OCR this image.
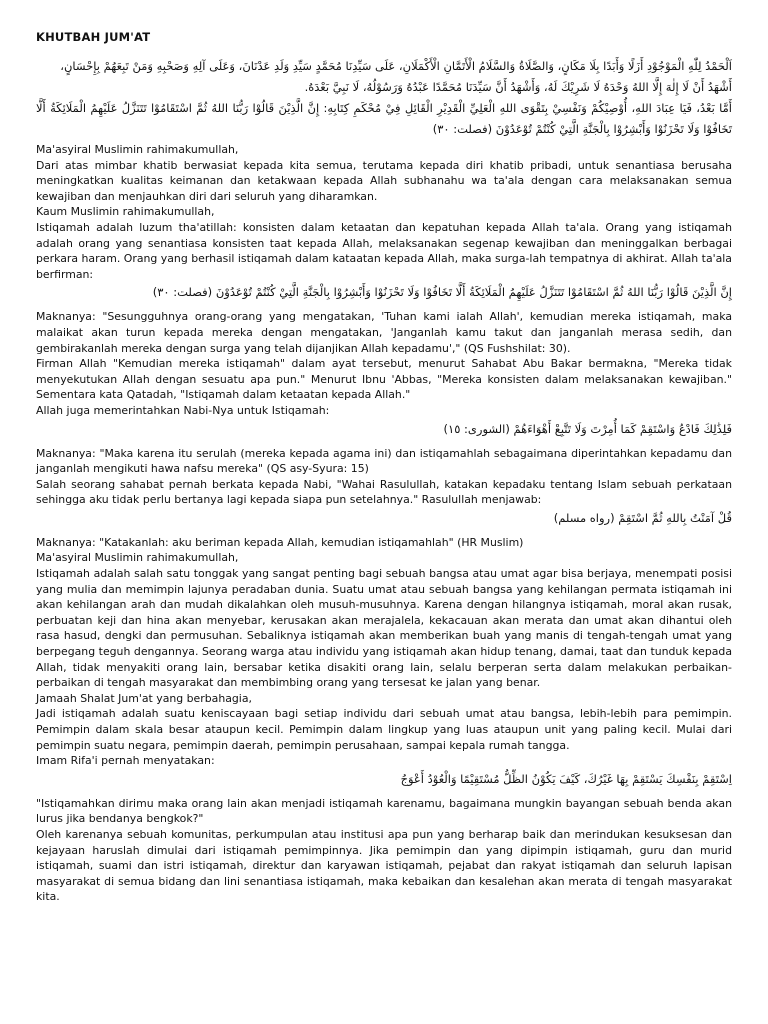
KHUTBAH JUM'AT

اَلْحَمْدُ لِلّٰهِ الْمَوْجُوْدِ أَزَلًا وَأَبَدًا بِلَا مَكَانٍ، وَالصَّلَاةُ وَالسَّلَامُ الْأَتَمَّانِ الْأَكْمَلَانِ، عَلَى سَيِّدِنَا مُحَمَّدٍ سَيِّدِ وَلَدِ عَدْنَانَ، وَعَلَى آلِهِ وَصَحْبِهِ وَمَنْ تَبِعَهُمْ بِإِحْسَانٍ،

أَشْهَدُ أَنْ لَا إِلٰهَ إِلَّا اللهُ وَحْدَهُ لَا شَرِيْكَ لَهُ، وَأَشْهَدُ أَنَّ سَيِّدَنَا مُحَمَّدًا عَبْدُهُ وَرَسُوْلُهُ، لَا نَبِيَّ بَعْدَهُ.

أَمَّا بَعْدُ، فَيَا عِبَادَ اللهِ، أُوْصِيْكُمْ وَنَفْسِيْ بِتَقْوَى اللهِ الْعَلِيِّ الْقَدِيْرِ الْقَائِلِ فِيْ مُحْكَمِ كِتَابِهِ: إِنَّ الَّذِيْنَ قَالُوْا رَبُّنَا اللهُ ثُمَّ اسْتَقَامُوْا تَتَنَزَّلُ عَلَيْهِمُ الْمَلَائِكَةُ أَلَّا تَخَافُوْا وَلَا تَحْزَنُوْا وَأَبْشِرُوْا بِالْجَنَّةِ الَّتِيْ كُنْتُمْ تُوْعَدُوْنَ (فصلت: ٣٠)

Ma'asyiral Muslimin rahimakumullah,

Dari atas mimbar khatib berwasiat kepada kita semua, terutama kepada diri khatib pribadi, untuk senantiasa berusaha meningkatkan kualitas keimanan dan ketakwaan kepada Allah subhanahu wa ta'ala dengan cara melaksanakan semua kewajiban dan menjauhkan diri dari seluruh yang diharamkan.

Kaum Muslimin rahimakumullah,

Istiqamah adalah luzum tha'atillah: konsisten dalam ketaatan dan kepatuhan kepada Allah ta'ala. Orang yang istiqamah adalah orang yang senantiasa konsisten taat kepada Allah, melaksanakan segenap kewajiban dan meninggalkan berbagai perkara haram. Orang yang berhasil istiqamah dalam kataatan kepada Allah, maka surga-lah tempatnya di akhirat. Allah ta'ala berfirman:

إِنَّ الَّذِيْنَ قَالُوْا رَبُّنَا اللهُ ثُمَّ اسْتَقَامُوْا تَتَنَزَّلُ عَلَيْهِمُ الْمَلَائِكَةُ أَلَّا تَخَافُوْا وَلَا تَحْزَنُوْا وَأَبْشِرُوْا بِالْجَنَّةِ الَّتِيْ كُنْتُمْ تُوْعَدُوْنَ (فصلت: ٣٠)

Maknanya: "Sesungguhnya orang-orang yang mengatakan, 'Tuhan kami ialah Allah', kemudian mereka istiqamah, maka malaikat akan turun kepada mereka dengan mengatakan, 'Janganlah kamu takut dan janganlah merasa sedih, dan gembirakanlah mereka dengan surga yang telah dijanjikan Allah kepadamu'," (QS Fushshilat: 30).

Firman Allah "Kemudian mereka istiqamah" dalam ayat tersebut, menurut Sahabat Abu Bakar bermakna, "Mereka tidak menyekutukan Allah dengan sesuatu apa pun." Menurut Ibnu 'Abbas, "Mereka konsisten dalam melaksanakan kewajiban." Sementara kata Qatadah, "Istiqamah dalam ketaatan kepada Allah."

Allah juga memerintahkan Nabi-Nya untuk Istiqamah:

فَلِذَٰلِكَ فَادْعُ وَاسْتَقِمْ كَمَا أُمِرْتَ وَلَا تَتَّبِعْ أَهْوَاءَهُمْ (الشورى: ١٥)

Maknanya: "Maka karena itu serulah (mereka kepada agama ini) dan istiqamahlah sebagaimana diperintahkan kepadamu dan janganlah mengikuti hawa nafsu mereka" (QS asy-Syura: 15)

Salah seorang sahabat pernah berkata kepada Nabi, "Wahai Rasulullah, katakan kepadaku tentang Islam sebuah perkataan sehingga aku tidak perlu bertanya lagi kepada siapa pun setelahnya." Rasulullah menjawab:

قُلْ آمَنْتُ بِاللهِ ثُمَّ اسْتَقِمْ (رواه مسلم)

Maknanya: "Katakanlah: aku beriman kepada Allah, kemudian istiqamahlah" (HR Muslim)

Ma'asyiral Muslimin rahimakumullah,

Istiqamah adalah salah satu tonggak yang sangat penting bagi sebuah bangsa atau umat agar bisa berjaya, menempati posisi yang mulia dan memimpin lajunya peradaban dunia. Suatu umat atau sebuah bangsa yang kehilangan permata istiqamah ini akan kehilangan arah dan mudah dikalahkan oleh musuh-musuhnya. Karena dengan hilangnya istiqamah, moral akan rusak, perbuatan keji dan hina akan menyebar, kerusakan akan merajalela, kekacauan akan merata dan umat akan dihantui oleh rasa hasud, dengki dan permusuhan. Sebaliknya istiqamah akan memberikan buah yang manis di tengah-tengah umat yang berpegang teguh dengannya. Seorang warga atau individu yang istiqamah akan hidup tenang, damai, taat dan tunduk kepada Allah, tidak menyakiti orang lain, bersabar ketika disakiti orang lain, selalu berperan serta dalam melakukan perbaikan-perbaikan di tengah masyarakat dan membimbing orang yang tersesat ke jalan yang benar.

Jamaah Shalat Jum'at yang berbahagia,

Jadi istiqamah adalah suatu keniscayaan bagi setiap individu dari sebuah umat atau bangsa, lebih-lebih para pemimpin. Pemimpin dalam skala besar ataupun kecil. Pemimpin dalam lingkup yang luas ataupun unit yang paling kecil. Mulai dari pemimpin suatu negara, pemimpin daerah, pemimpin perusahaan, sampai kepala rumah tangga.

Imam Rifa'i pernah menyatakan:

اِسْتَقِمْ بِنَفْسِكَ يَسْتَقِمْ بِهَا غَيْرُكَ، كَيْفَ يَكُوْنُ الظِّلُّ مُسْتَقِيْمًا وَالْعُوْدُ أَعْوَجُ

"Istiqamahkan dirimu maka orang lain akan menjadi istiqamah karenamu, bagaimana mungkin bayangan sebuah benda akan lurus jika bendanya bengkok?"

Oleh karenanya sebuah komunitas, perkumpulan atau institusi apa pun yang berharap baik dan merindukan kesuksesan dan kejayaan haruslah dimulai dari istiqamah pemimpinnya. Jika pemimpin dan yang dipimpin istiqamah, guru dan murid istiqamah, suami dan istri istiqamah, direktur dan karyawan istiqamah, pejabat dan rakyat istiqamah dan seluruh lapisan masyarakat di semua bidang dan lini senantiasa istiqamah, maka kebaikan dan kesalehan akan merata di tengah masyarakat kita.
